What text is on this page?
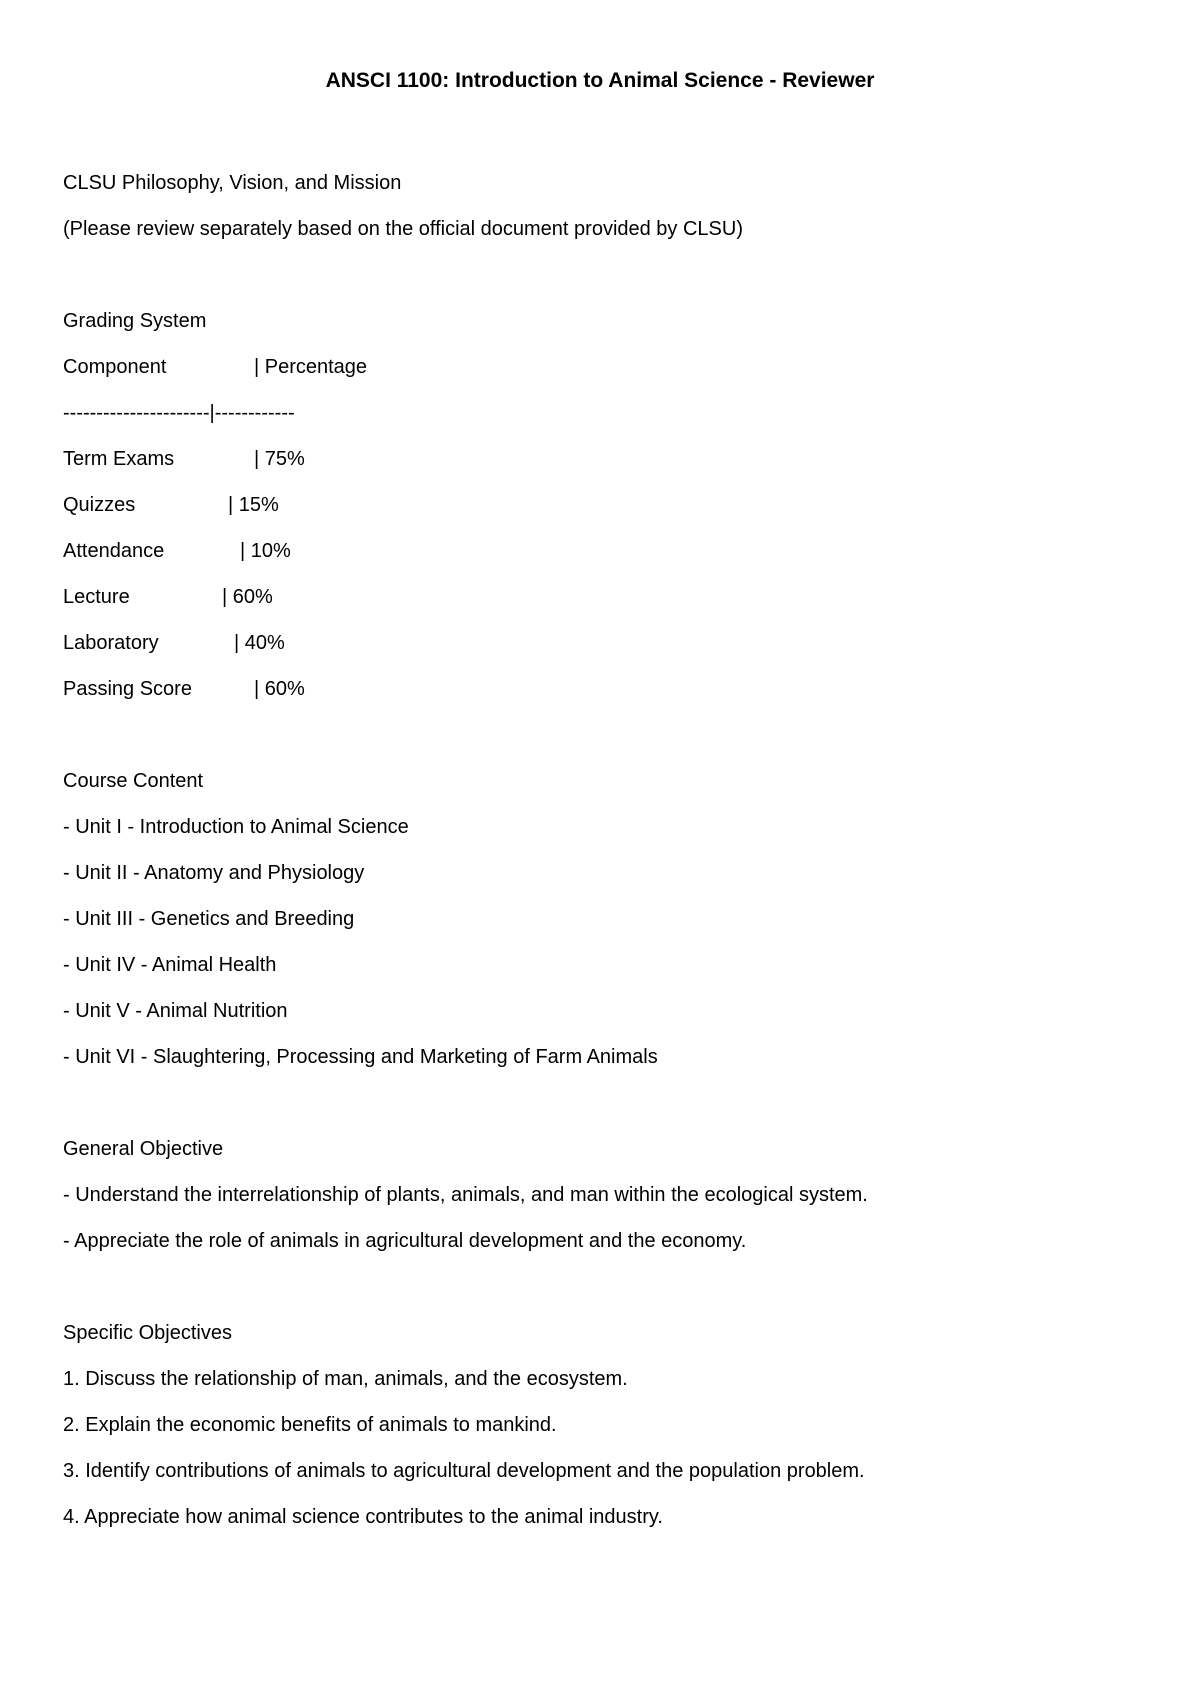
ANSCI 1100: Introduction to Animal Science - Reviewer
CLSU Philosophy, Vision, and Mission
(Please review separately based on the official document provided by CLSU)
Grading System
Component	| Percentage
----------------------|------------
Term Exams	| 75%
Quizzes	| 15%
Attendance	| 10%
Lecture	| 60%
Laboratory	| 40%
Passing Score	| 60%
Course Content
- Unit I - Introduction to Animal Science
- Unit II - Anatomy and Physiology
- Unit III - Genetics and Breeding
- Unit IV - Animal Health
- Unit V - Animal Nutrition
- Unit VI - Slaughtering, Processing and Marketing of Farm Animals
General Objective
- Understand the interrelationship of plants, animals, and man within the ecological system.
- Appreciate the role of animals in agricultural development and the economy.
Specific Objectives
1. Discuss the relationship of man, animals, and the ecosystem.
2. Explain the economic benefits of animals to mankind.
3. Identify contributions of animals to agricultural development and the population problem.
4. Appreciate how animal science contributes to the animal industry.
